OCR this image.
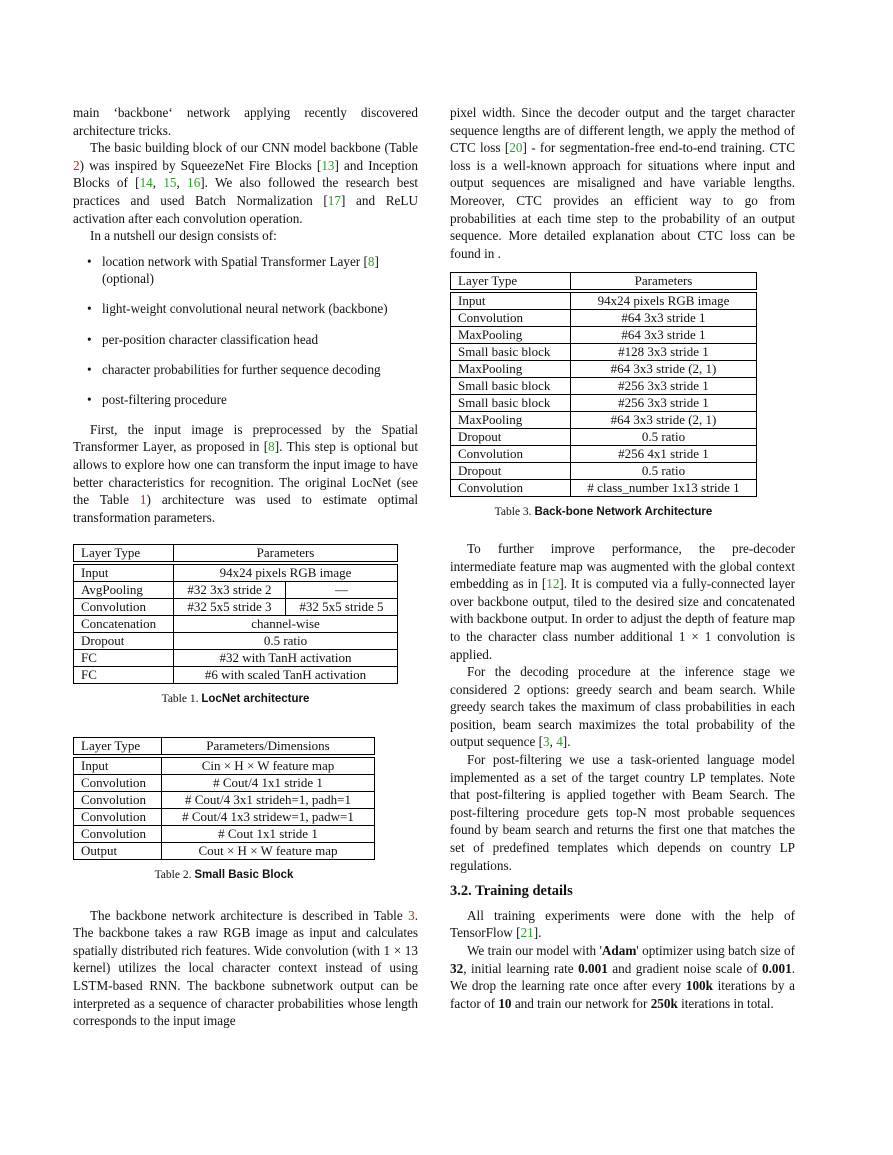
main ‘backbone‘ network applying recently discovered architecture tricks.

The basic building block of our CNN model backbone (Table 2) was inspired by SqueezeNet Fire Blocks [13] and Inception Blocks of [14, 15, 16]. We also followed the research best practices and used Batch Normalization [17] and ReLU activation after each convolution operation.

In a nutshell our design consists of:

• location network with Spatial Transformer Layer [8] (optional)
• light-weight convolutional neural network (backbone)
• per-position character classification head
• character probabilities for further sequence decoding
• post-filtering procedure

First, the input image is preprocessed by the Spatial Transformer Layer, as proposed in [8]. This step is optional but allows to explore how one can transform the input image to have better characteristics for recognition. The original LocNet (see the Table 1) architecture was used to estimate optimal transformation parameters.

Layer Type	Parameters	

Input	94x24 pixels RGB image	
AvgPooling	#32 3x3 stride 2	—
Convolution	#32 5x5 stride 3	#32 5x5 stride 5
Concatenation	channel-wise	
Dropout	0.5 ratio	
FC	#32 with TanH activation	
FC	#6 with scaled TanH activation	
Table 1. LocNet architecture
Layer Type	Parameters/Dimensions

Input	Cin × H × W feature map
Convolution	# Cout/4 1x1 stride 1
Convolution	# Cout/4 3x1 strideh=1, padh=1
Convolution	# Cout/4 1x3 stridew=1, padw=1
Convolution	# Cout 1x1 stride 1
Output	Cout × H × W feature map
Table 2. Small Basic Block

The backbone network architecture is described in Table 3. The backbone takes a raw RGB image as input and calculates spatially distributed rich features. Wide convolution (with 1 × 13 kernel) utilizes the local character context instead of using LSTM-based RNN. The backbone subnetwork output can be interpreted as a sequence of character probabilities whose length corresponds to the input image

pixel width. Since the decoder output and the target character sequence lengths are of different length, we apply the method of CTC loss [20] - for segmentation-free end-to-end training. CTC loss is a well-known approach for situations where input and output sequences are misaligned and have variable lengths. Moreover, CTC provides an efficient way to go from probabilities at each time step to the probability of an output sequence. More detailed explanation about CTC loss can be found in .

Layer Type	Parameters

Input	94x24 pixels RGB image
Convolution	#64 3x3 stride 1
MaxPooling	#64 3x3 stride 1
Small basic block	#128 3x3 stride 1
MaxPooling	#64 3x3 stride (2, 1)
Small basic block	#256 3x3 stride 1
Small basic block	#256 3x3 stride 1
MaxPooling	#64 3x3 stride (2, 1)
Dropout	0.5 ratio
Convolution	#256 4x1 stride 1
Dropout	0.5 ratio
Convolution	# class_number 1x13 stride 1
Table 3. Back-bone Network Architecture

To further improve performance, the pre-decoder intermediate feature map was augmented with the global context embedding as in [12]. It is computed via a fully-connected layer over backbone output, tiled to the desired size and concatenated with backbone output. In order to adjust the depth of feature map to the character class number additional 1 × 1 convolution is applied.

For the decoding procedure at the inference stage we considered 2 options: greedy search and beam search. While greedy search takes the maximum of class probabilities in each position, beam search maximizes the total probability of the output sequence [3, 4].

For post-filtering we use a task-oriented language model implemented as a set of the target country LP templates. Note that post-filtering is applied together with Beam Search. The post-filtering procedure gets top-N most probable sequences found by beam search and returns the first one that matches the set of predefined templates which depends on country LP regulations.

3.2. Training details

All training experiments were done with the help of TensorFlow [21].

We train our model with 'Adam' optimizer using batch size of 32, initial learning rate 0.001 and gradient noise scale of 0.001. We drop the learning rate once after every 100k iterations by a factor of 10 and train our network for 250k iterations in total.
